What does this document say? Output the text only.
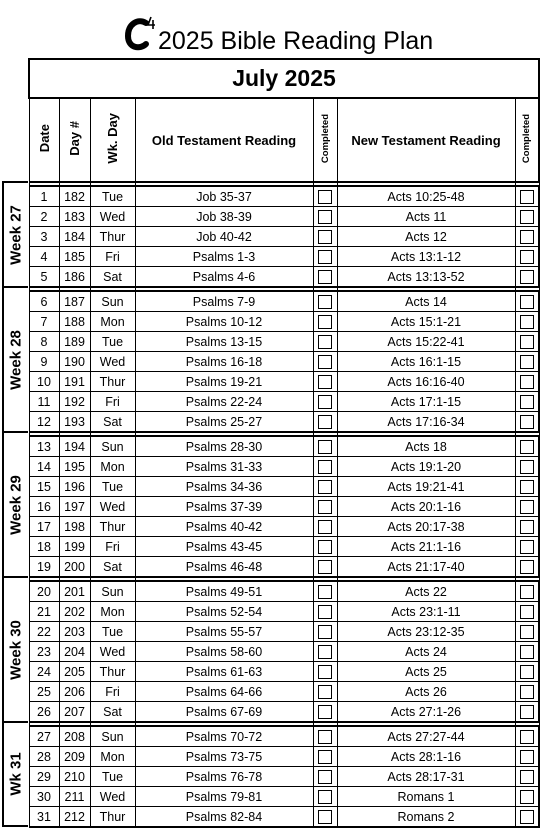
2025 Bible Reading Plan
July 2025						
Date	Day #	Wk. Day	Old Testament Reading	Completed	New Testament Reading	Completed

1	182	Tue	Job 35-37		Acts 10:25-48	
2	183	Wed	Job 38-39		Acts 11	
3	184	Thur	Job 40-42		Acts 12	
4	185	Fri	Psalms 1-3		Acts 13:1-12	
5	186	Sat	Psalms 4-6		Acts 13:13-52	

6	187	Sun	Psalms 7-9		Acts 14	
7	188	Mon	Psalms 10-12		Acts 15:1-21	
8	189	Tue	Psalms 13-15		Acts 15:22-41	
9	190	Wed	Psalms 16-18		Acts 16:1-15	
10	191	Thur	Psalms 19-21		Acts 16:16-40	
11	192	Fri	Psalms 22-24		Acts 17:1-15	
12	193	Sat	Psalms 25-27		Acts 17:16-34	

13	194	Sun	Psalms 28-30		Acts 18	
14	195	Mon	Psalms 31-33		Acts 19:1-20	
15	196	Tue	Psalms 34-36		Acts 19:21-41	
16	197	Wed	Psalms 37-39		Acts 20:1-16	
17	198	Thur	Psalms 40-42		Acts 20:17-38	
18	199	Fri	Psalms 43-45		Acts 21:1-16	
19	200	Sat	Psalms 46-48		Acts 21:17-40	

20	201	Sun	Psalms 49-51		Acts 22	
21	202	Mon	Psalms 52-54		Acts 23:1-11	
22	203	Tue	Psalms 55-57		Acts 23:12-35	
23	204	Wed	Psalms 58-60		Acts 24	
24	205	Thur	Psalms 61-63		Acts 25	
25	206	Fri	Psalms 64-66		Acts 26	
26	207	Sat	Psalms 67-69		Acts 27:1-26	

27	208	Sun	Psalms 70-72		Acts 27:27-44	
28	209	Mon	Psalms 73-75		Acts 28:1-16	
29	210	Tue	Psalms 76-78		Acts 28:17-31	
30	211	Wed	Psalms 79-81		Romans 1	
31	212	Thur	Psalms 82-84		Romans 2	
Week 27
Week 28
Week 29
Week 30
Wk 31
